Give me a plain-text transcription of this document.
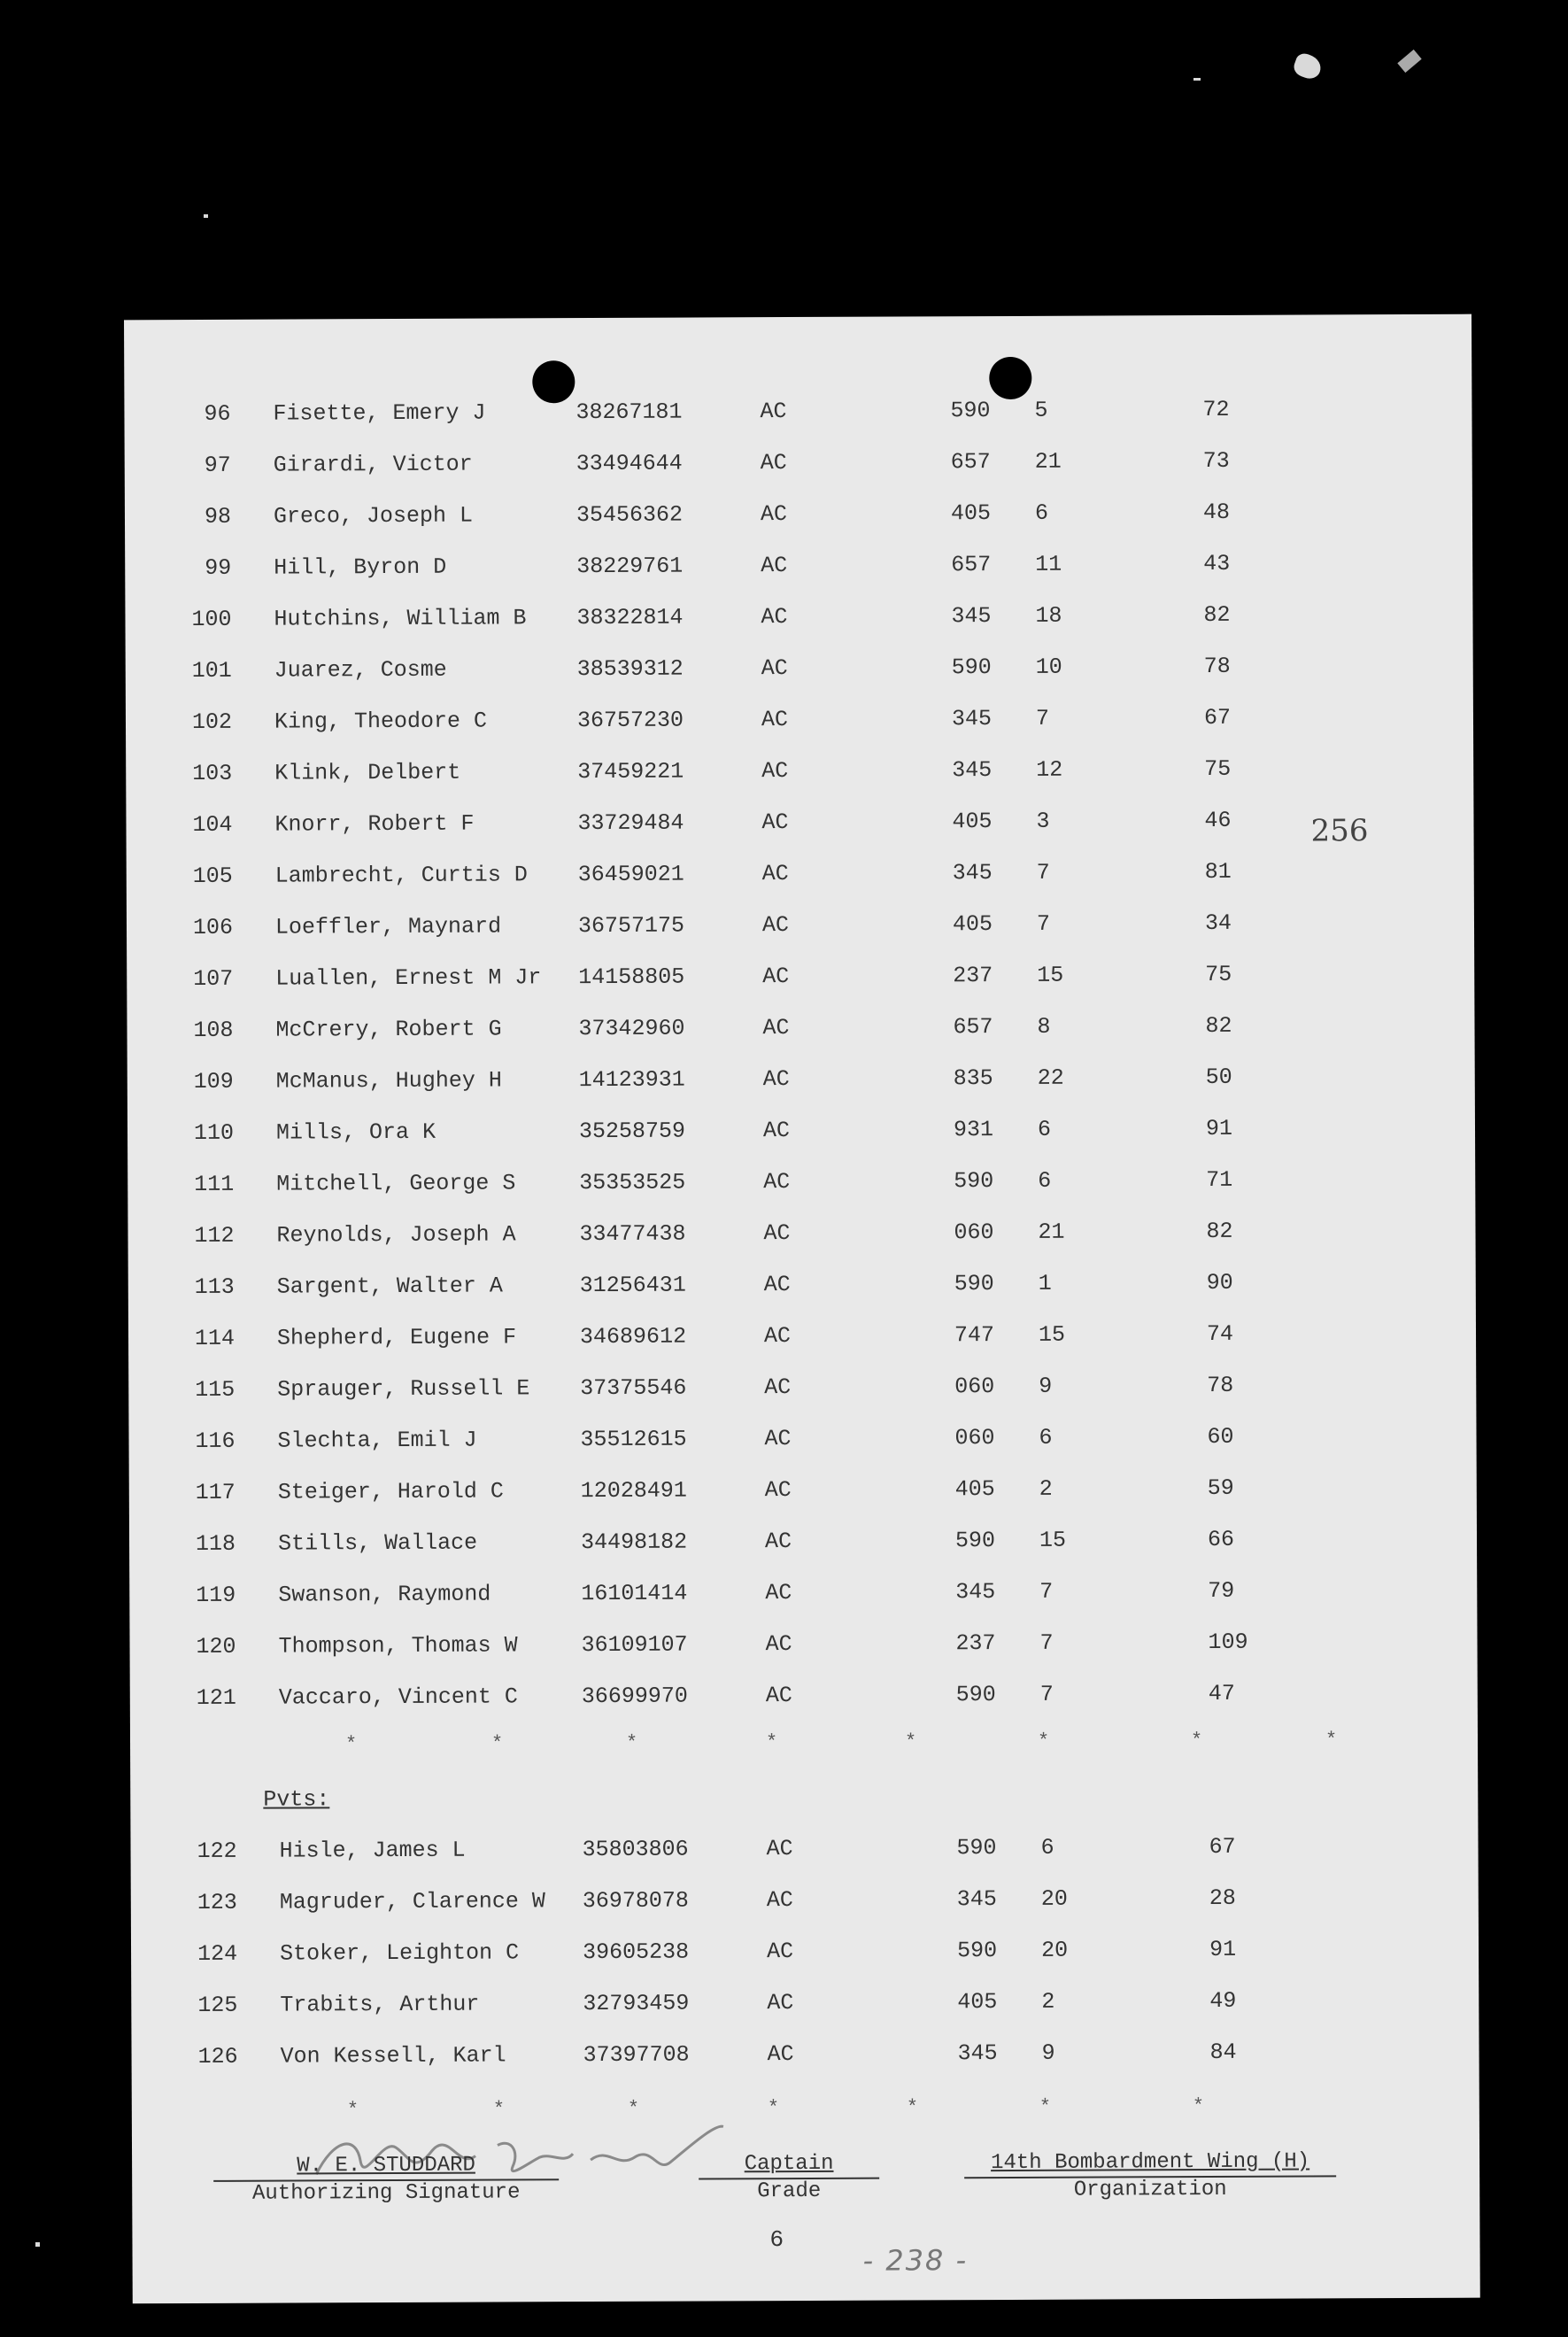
96 Fisette, Emery J	38267181	AC	590 5	72
97 Girardi, Victor	33494644	AC	657 21	73
98 Greco, Joseph L	35456362	AC	405 6	48
99 Hill, Byron D	38229761	AC	657 11	43
100 Hutchins, William B 38322814	AC	345 18	82
101 Juarez, Cosme	38539312	AC	590 10	78
102 King, Theodore C	36757230	AC	345 7	67
103 Klink, Delbert	37459221	AC	345 12	75
104 Knorr, Robert F	33729484	AC	405 3	46
105 Lambrecht, Curtis D 36459021	AC	345 7	81
106 Loeffler, Maynard	36757175	AC	405 7	34
107 Luallen, Ernest M Jr 14158805	AC	237 15	75
108 McCrery, Robert G	37342960	AC	657 8	82
109 McManus, Hughey H	14123931	AC	835 22	50
110 Mills, Ora K	35258759	AC	931 6	91
111 Mitchell, George S	35353525	AC	590 6	71
112 Reynolds, Joseph A	33477438	AC	060 21	82
113 Sargent, Walter A	31256431	AC	590 1	90
114 Shepherd, Eugene F	34689612	AC	747 15	74
115 Sprauger, Russell E 37375546	AC	060 9	78
116 Slechta, Emil J	35512615	AC	060 6	60
117 Steiger, Harold C	12028491	AC	405 2	59
118 Stills, Wallace	34498182	AC	590 15	66
119 Swanson, Raymond	16101414	AC	345 7	79
120 Thompson, Thomas W	36109107	AC	237 7	109
121 Vaccaro, Vincent C	36699970	AC	590 7	47
*	*	*	*	*	*	*	*
Pvts:
122 Hisle, James L	35803806	AC	590 6	67
123 Magruder, Clarence W 36978078	AC	345 20	28
124 Stoker, Leighton C	39605238	AC	590 20	91
125 Trabits, Arthur	32793459	AC	405 2	49
126 Von Kessell, Karl	37397708	AC	345 9	84
*	*	*	*	*	*	*
256
W. E. STUDDARD
Authorizing Signature
Captain
Grade
14th Bombardment Wing (H)
Organization
6
- 238 -
